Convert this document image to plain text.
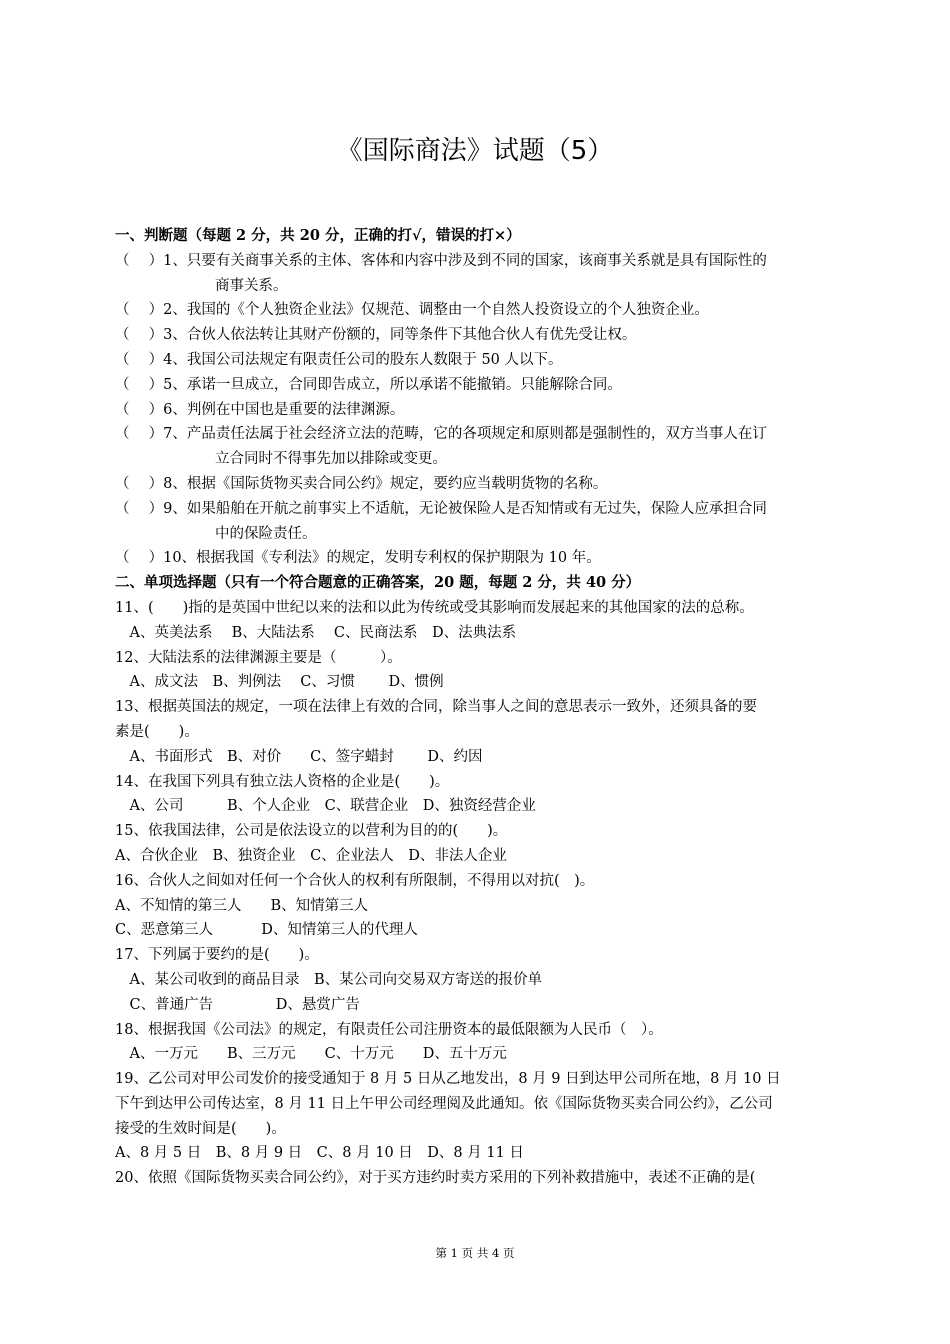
《国际商法》试题（5）
一、判断题（每题 2 分，共 20 分，正确的打√，错误的打×）
（　 ）1、只要有关商事关系的主体、客体和内容中涉及到不同的国家，该商事关系就是具有国际性的
商事关系。
（　 ）2、我国的《个人独资企业法》仅规范、调整由一个自然人投资设立的个人独资企业。
（　 ）3、合伙人依法转让其财产份额的，同等条件下其他合伙人有优先受让权。
（　 ）4、我国公司法规定有限责任公司的股东人数限于 50 人以下。
（　 ）5、承诺一旦成立，合同即告成立，所以承诺不能撤销。只能解除合同。
（　 ）6、判例在中国也是重要的法律渊源。
（　 ）7、产品责任法属于社会经济立法的范畴，它的各项规定和原则都是强制性的，双方当事人在订
立合同时不得事先加以排除或变更。
（　 ）8、根据《国际货物买卖合同公约》规定，要约应当载明货物的名称。
（　 ）9、如果船舶在开航之前事实上不适航，无论被保险人是否知情或有无过失，保险人应承担合同
中的保险责任。
（　 ）10、根据我国《专利法》的规定，发明专利权的保护期限为 10 年。
二、单项选择题（只有一个符合题意的正确答案，20 题，每题 2 分，共 40 分）
11、(　　)指的是英国中世纪以来的法和以此为传统或受其影响而发展起来的其他国家的法的总称。
　A、英美法系　 B、大陆法系　 C、民商法系　D、法典法系
12、大陆法系的法律渊源主要是（　　　）。
　A、成文法　B、判例法　 C、习惯　　 D、惯例
13、根据英国法的规定，一项在法律上有效的合同，除当事人之间的意思表示一致外，还须具备的要
素是(　　)。
　A、书面形式　B、对价　　C、签字蜡封　　 D、约因
14、在我国下列具有独立法人资格的企业是(　　)。
　A、公司　　　B、个人企业　C、联营企业　D、独资经营企业
15、依我国法律，公司是依法设立的以营利为目的的(　　)。
A、合伙企业　B、独资企业　C、企业法人　D、非法人企业
16、合伙人之间如对任何一个合伙人的权利有所限制，不得用以对抗(　)。
A、不知情的第三人　　B、知情第三人
C、恶意第三人　　　 D、知情第三人的代理人
17、下列属于要约的是(　　)。
　A、某公司收到的商品目录　B、某公司向交易双方寄送的报价单
　C、普通广告　　　　 D、悬赏广告
18、根据我国《公司法》的规定，有限责任公司注册资本的最低限额为人民币（　）。
　A、一万元　　B、三万元　　C、十万元　　D、五十万元
19、乙公司对甲公司发价的接受通知于 8 月 5 日从乙地发出，8 月 9 日到达甲公司所在地，8 月 10 日
下午到达甲公司传达室，8 月 11 日上午甲公司经理阅及此通知。依《国际货物买卖合同公约》，乙公司
接受的生效时间是(　　)。
A、8 月 5 日　B、8 月 9 日　C、8 月 10 日　D、8 月 11 日
20、依照《国际货物买卖合同公约》，对于买方违约时卖方采用的下列补救措施中，表述不正确的是(
第 1 页 共 4 页
